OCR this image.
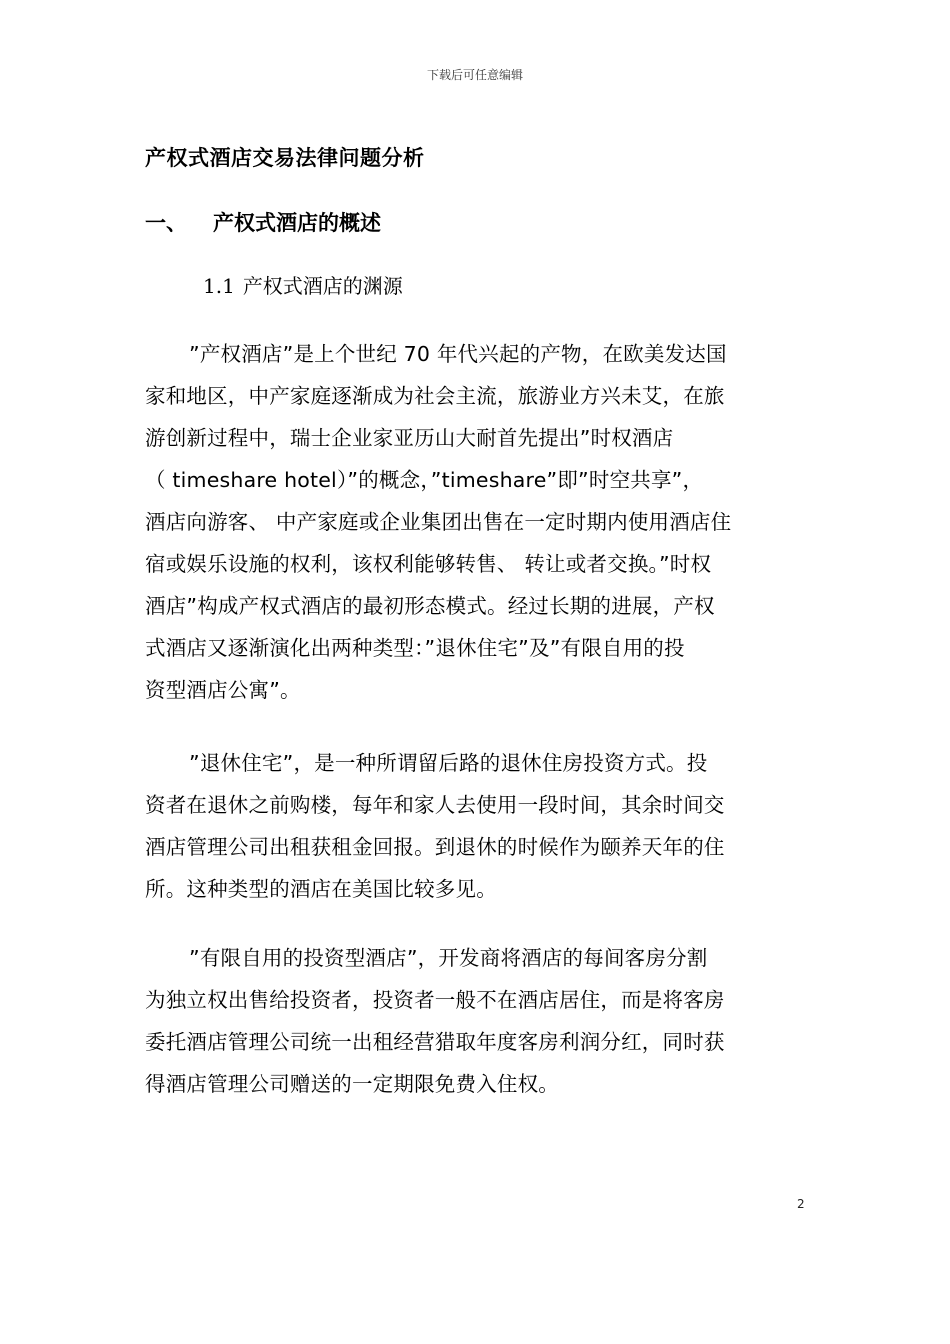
下载后可任意编辑
产权式酒店交易法律问题分析
一、 产权式酒店的概述
1.1 产权式酒店的渊源
”产权酒店”是上个世纪 70 年代兴起的产物，在欧美发达国
家和地区，中产家庭逐渐成为社会主流，旅游业方兴未艾，在旅
游创新过程中，瑞士企业家亚历山大耐首先提出”时权酒店
（ timeshare hotel）”的概念，”timeshare”即”时空共享”，
酒店向游客、 中产家庭或企业集团出售在一定时期内使用酒店住
宿或娱乐设施的权利，该权利能够转售、 转让或者交换。”时权
酒店”构成产权式酒店的最初形态模式。经过长期的进展，产权
式酒店又逐渐演化出两种类型：”退休住宅”及”有限自用的投
资型酒店公寓”。
”退休住宅”，是一种所谓留后路的退休住房投资方式。投
资者在退休之前购楼，每年和家人去使用一段时间，其余时间交
酒店管理公司出租获租金回报。到退休的时候作为颐养天年的住
所。这种类型的酒店在美国比较多见。
”有限自用的投资型酒店”，开发商将酒店的每间客房分割
为独立权出售给投资者，投资者一般不在酒店居住，而是将客房
委托酒店管理公司统一出租经营猎取年度客房利润分红，同时获
得酒店管理公司赠送的一定期限免费入住权。
2
